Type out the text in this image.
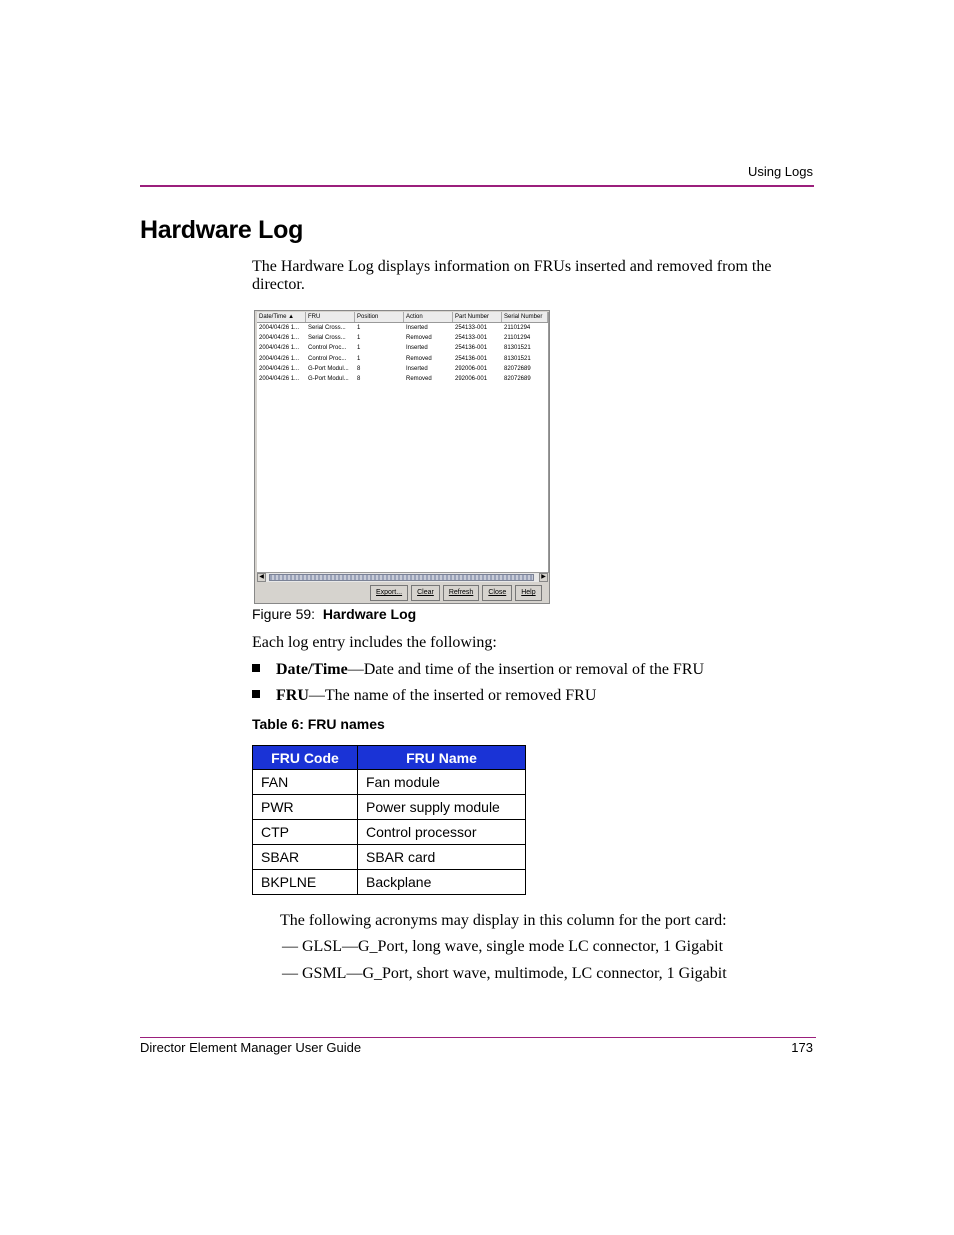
Using Logs
Hardware Log

The Hardware Log displays information on FRUs inserted and removed from the director.

Date/Time ▲	FRU	Position	Action	Part Number	Serial Number
2004/04/26 1...	Serial Cross...	1	Inserted	254133-001	21101294
2004/04/26 1...	Serial Cross...	1	Removed	254133-001	21101294
2004/04/26 1...	Control Proc...	1	Inserted	254136-001	81301521
2004/04/26 1...	Control Proc...	1	Removed	254136-001	81301521
2004/04/26 1...	G-Port Modul...	8	Inserted	292006-001	82072689
2004/04/26 1...	G-Port Modul...	8	Removed	292006-001	82072689
◀	▶
Export...	Clear	Refresh	Close	Help

Figure 59: Hardware Log

Each log entry includes the following:

Date/Time—Date and time of the insertion or removal of the FRU

FRU—The name of the inserted or removed FRU

Table 6: FRU names

FRU Code	FRU Name
FAN	Fan module
PWR	Power supply module
CTP	Control processor
SBAR	SBAR card
BKPLNE	Backplane

The following acronyms may display in this column for the port card:

— GLSL—G_Port, long wave, single mode LC connector, 1 Gigabit

— GSML—G_Port, short wave, multimode, LC connector, 1 Gigabit

Director Element Manager User Guide	173
